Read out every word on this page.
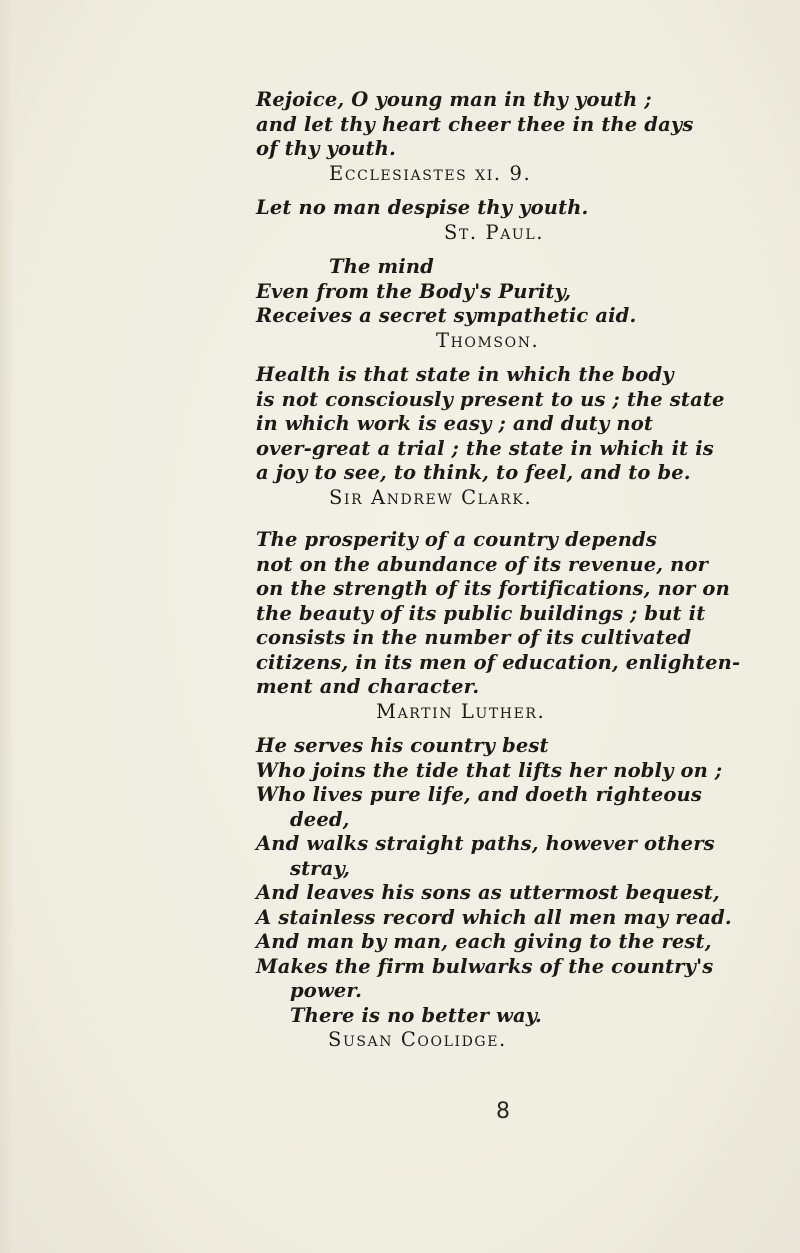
Rejoice, O young man in thy youth ;
and let thy heart cheer thee in the days
of thy youth.
Ecclesiastes xi. 9.
Let no man despise thy youth.
St. Paul.
The mind
Even from the Body's Purity,
Receives a secret sympathetic aid.
Thomson.
Health is that state in which the body
is not consciously present to us ; the state
in which work is easy ; and duty not
over-great a trial ; the state in which it is
a joy to see, to think, to feel, and to be.
Sir Andrew Clark.
The prosperity of a country depends
not on the abundance of its revenue, nor
on the strength of its fortifications, nor on
the beauty of its public buildings ; but it
consists in the number of its cultivated
citizens, in its men of education, enlighten-
ment and character.
Martin Luther.
He serves his country best
Who joins the tide that lifts her nobly on ;
Who lives pure life, and doeth righteous
deed,
And walks straight paths, however others
stray,
And leaves his sons as uttermost bequest,
A stainless record which all men may read.
And man by man, each giving to the rest,
Makes the firm bulwarks of the country's
power.
There is no better way.
Susan Coolidge.
8
